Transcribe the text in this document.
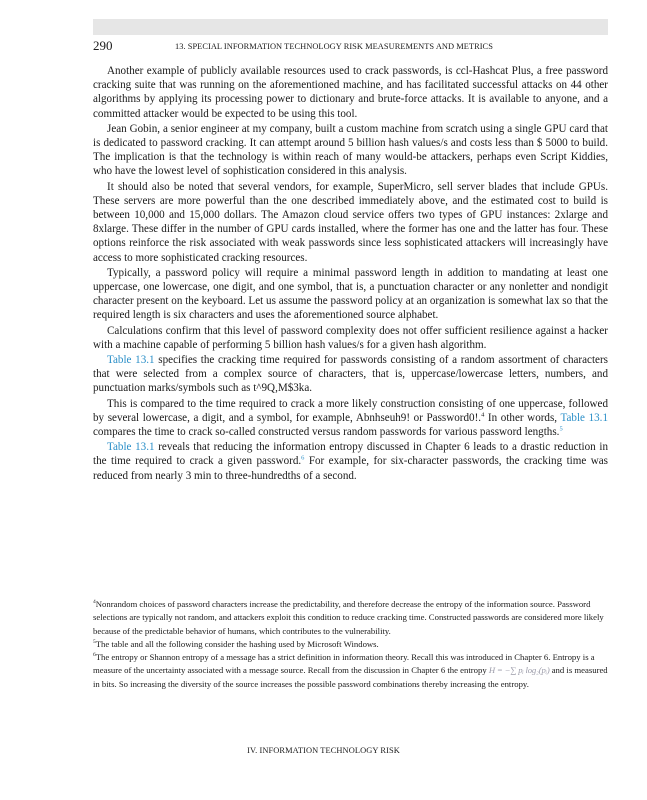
290	13. SPECIAL INFORMATION TECHNOLOGY RISK MEASUREMENTS AND METRICS

Another example of publicly available resources used to crack passwords, is ccl-Hashcat Plus, a free password cracking suite that was running on the aforementioned machine, and has facilitated successful attacks on 44 other algorithms by applying its processing power to dictionary and brute-force attacks. It is available to anyone, and a committed attacker would be expected to be using this tool.

Jean Gobin, a senior engineer at my company, built a custom machine from scratch using a single GPU card that is dedicated to password cracking. It can attempt around 5 billion hash values/s and costs less than $ 5000 to build. The implication is that the technology is within reach of many would-be attackers, perhaps even Script Kiddies, who have the lowest level of sophistication considered in this analysis.

It should also be noted that several vendors, for example, SuperMicro, sell server blades that include GPUs. These servers are more powerful than the one described immediately above, and the estimated cost to build is between 10,000 and 15,000 dollars. The Amazon cloud service offers two types of GPU instances: 2xlarge and 8xlarge. These differ in the number of GPU cards installed, where the former has one and the latter has four. These options reinforce the risk associated with weak passwords since less sophisticated attackers will increasingly have access to more sophisticated cracking resources.

Typically, a password policy will require a minimal password length in addition to mandating at least one uppercase, one lowercase, one digit, and one symbol, that is, a punctuation character or any nonletter and nondigit character present on the keyboard. Let us assume the password policy at an organization is somewhat lax so that the required length is six characters and uses the aforementioned source alphabet.

Calculations confirm that this level of password complexity does not offer sufficient resilience against a hacker with a machine capable of performing 5 billion hash values/s for a given hash algorithm.

Table 13.1 specifies the cracking time required for passwords consisting of a random assortment of characters that were selected from a complex source of characters, that is, uppercase/lowercase letters, numbers, and punctuation marks/symbols such as t^9Q,M$3ka.

This is compared to the time required to crack a more likely construction consisting of one uppercase, followed by several lowercase, a digit, and a symbol, for example, Abnhseuh9! or Password0!.$^4$ In other words, Table 13.1 compares the time to crack so-called constructed versus random passwords for various password lengths.$^5$

Table 13.1 reveals that reducing the information entropy discussed in Chapter 6 leads to a drastic reduction in the time required to crack a given password.$^6$ For example, for six-character passwords, the cracking time was reduced from nearly 3 min to three-hundredths of a second.

$^4$Nonrandom choices of password characters increase the predictability, and therefore decrease the entropy of the information source. Password selections are typically not random, and attackers exploit this condition to reduce cracking time. Constructed passwords are considered more likely because of the predictable behavior of humans, which contributes to the vulnerability.

$^5$The table and all the following consider the hashing used by Microsoft Windows.

$^6$The entropy or Shannon entropy of a message has a strict definition in information theory. Recall this was introduced in Chapter 6. Entropy is a measure of the uncertainty associated with a message source. Recall from the discussion in Chapter 6 the entropy H = −∑ pᵢ log₂(pᵢ) and is measured in bits. So increasing the diversity of the source increases the possible password combinations thereby increasing the entropy.

IV. INFORMATION TECHNOLOGY RISK
